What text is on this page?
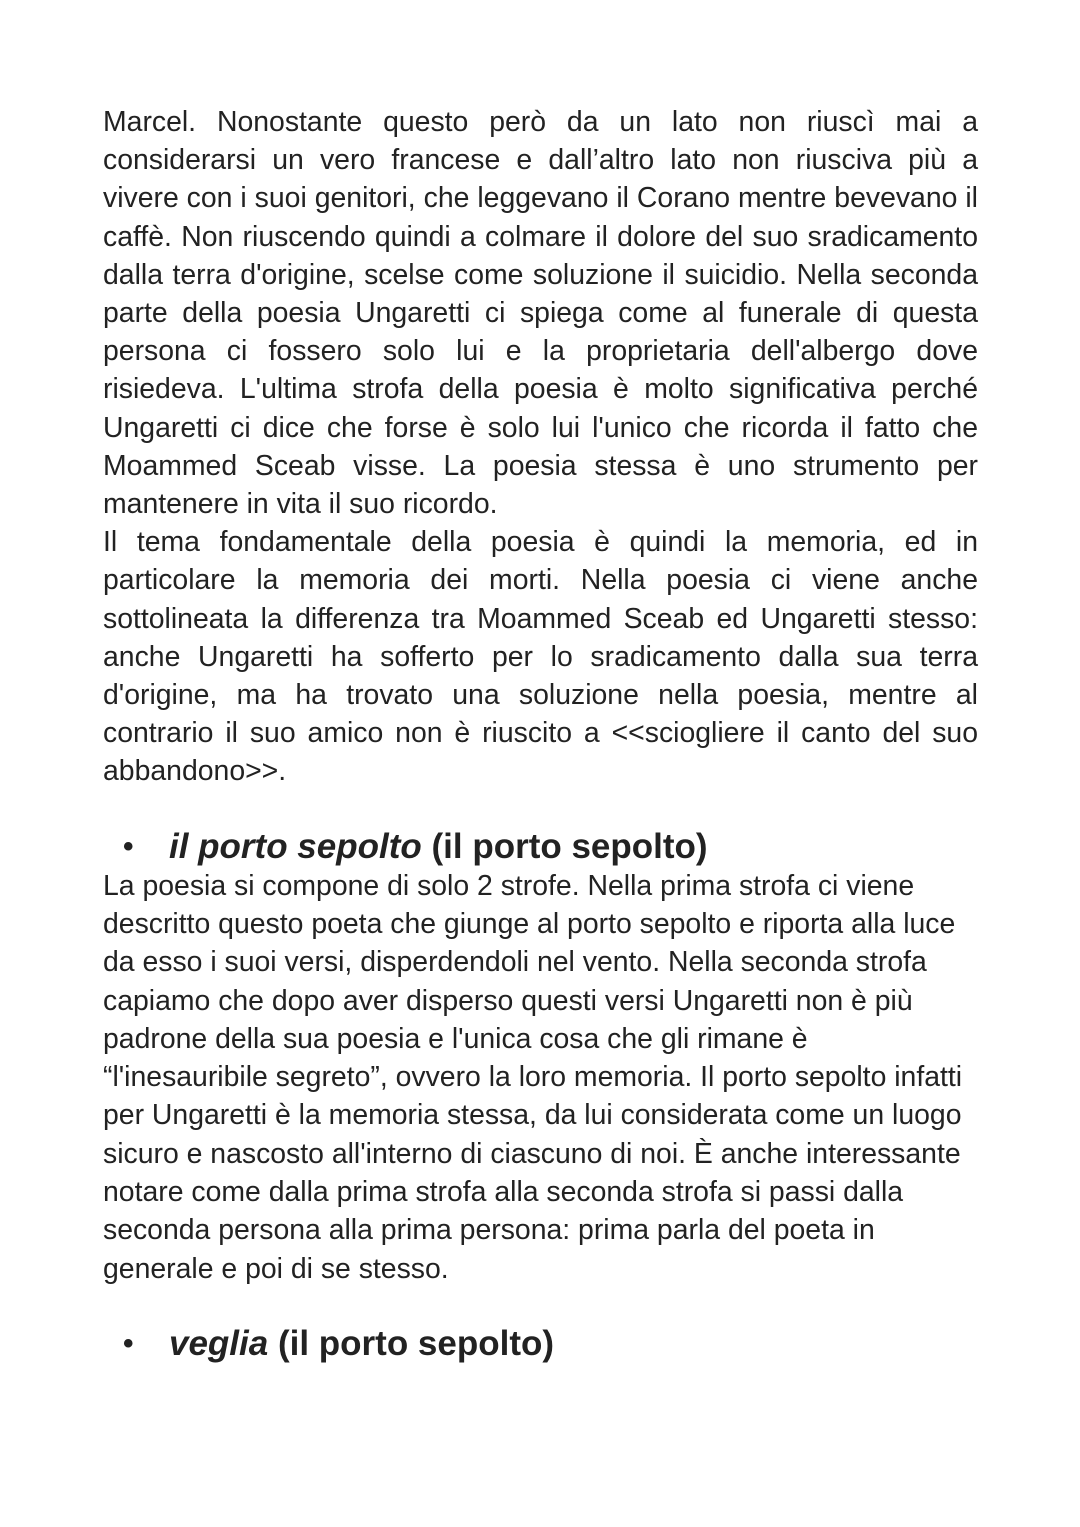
Marcel. Nonostante questo però da un lato non riuscì mai a considerarsi un vero francese e dall’altro lato non riusciva più a vivere con i suoi genitori, che leggevano il Corano mentre bevevano il caffè. Non riuscendo quindi a colmare il dolore del suo sradicamento dalla terra d'origine, scelse come soluzione il suicidio. Nella seconda parte della poesia Ungaretti ci spiega come al funerale di questa persona ci fossero solo lui e la proprietaria dell'albergo dove risiedeva. L'ultima strofa della poesia è molto significativa perché Ungaretti ci dice che forse è solo lui l'unico che ricorda il fatto che Moammed Sceab visse. La poesia stessa è uno strumento per mantenere in vita il suo ricordo.

Il tema fondamentale della poesia è quindi la memoria, ed in particolare la memoria dei morti. Nella poesia ci viene anche sottolineata la differenza tra Moammed Sceab ed Ungaretti stesso: anche Ungaretti ha sofferto per lo sradicamento dalla sua terra d'origine, ma ha trovato una soluzione nella poesia, mentre al contrario il suo amico non è riuscito a <<sciogliere il canto del suo abbandono>>.

•	il porto sepolto (il porto sepolto)

La poesia si compone di solo 2 strofe. Nella prima strofa ci viene descritto questo poeta che giunge al porto sepolto e riporta alla luce da esso i suoi versi, disperdendoli nel vento. Nella seconda strofa capiamo che dopo aver disperso questi versi Ungaretti non è più padrone della sua poesia e l'unica cosa che gli rimane è “l'inesauribile segreto”, ovvero la loro memoria. Il porto sepolto infatti per Ungaretti è la memoria stessa, da lui considerata come un luogo sicuro e nascosto all'interno di ciascuno di noi. È anche interessante notare come dalla prima strofa alla seconda strofa si passi dalla seconda persona alla prima persona: prima parla del poeta in generale e poi di se stesso.

•	veglia (il porto sepolto)
